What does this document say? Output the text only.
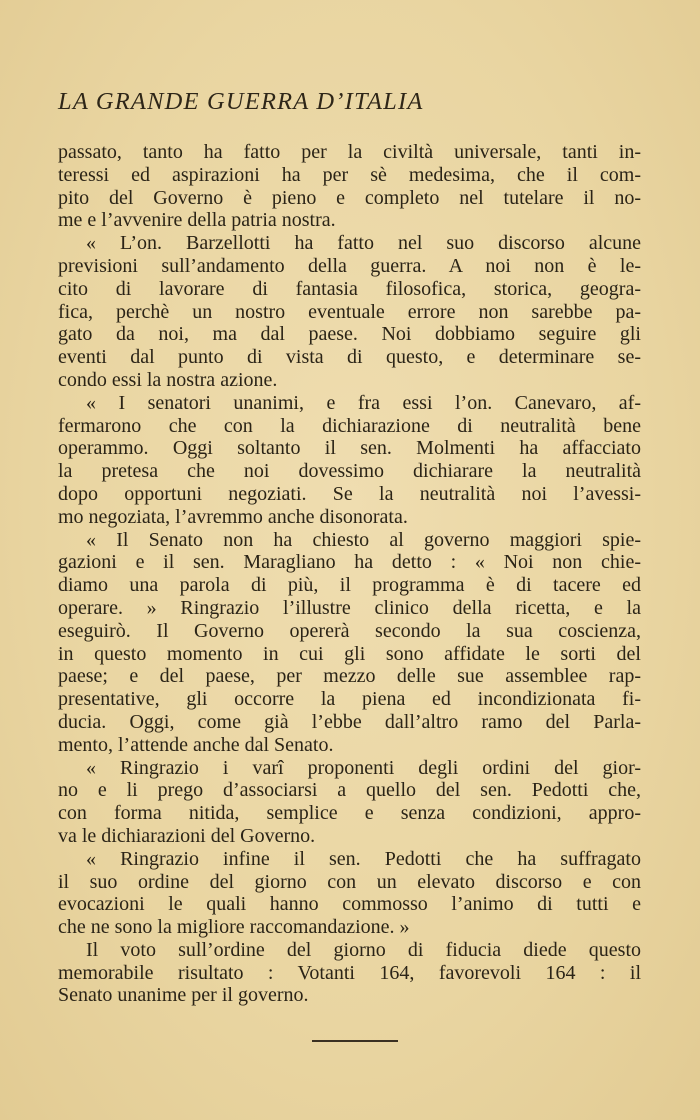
LA GRANDE GUERRA D’ITALIA
passato, tanto ha fatto per la civiltà universale, tanti in-
teressi ed aspirazioni ha per sè medesima, che il com-
pito del Governo è pieno e completo nel tutelare il no-
me e l’avvenire della patria nostra.
« L’on. Barzellotti ha fatto nel suo discorso alcune
previsioni sull’andamento della guerra. A noi non è le-
cito di lavorare di fantasia filosofica, storica, geogra-
fica, perchè un nostro eventuale errore non sarebbe pa-
gato da noi, ma dal paese. Noi dobbiamo seguire gli
eventi dal punto di vista di questo, e determinare se-
condo essi la nostra azione.
« I senatori unanimi, e fra essi l’on. Canevaro, af-
fermarono che con la dichiarazione di neutralità bene
operammo. Oggi soltanto il sen. Molmenti ha affacciato
la pretesa che noi dovessimo dichiarare la neutralità
dopo opportuni negoziati. Se la neutralità noi l’avessi-
mo negoziata, l’avremmo anche disonorata.
« Il Senato non ha chiesto al governo maggiori spie-
gazioni e il sen. Maragliano ha detto : « Noi non chie-
diamo una parola di più, il programma è di tacere ed
operare. » Ringrazio l’illustre clinico della ricetta, e la
eseguirò. Il Governo opererà secondo la sua coscienza,
in questo momento in cui gli sono affidate le sorti del
paese; e del paese, per mezzo delle sue assemblee rap-
presentative, gli occorre la piena ed incondizionata fi-
ducia. Oggi, come già l’ebbe dall’altro ramo del Parla-
mento, l’attende anche dal Senato.
« Ringrazio i varî proponenti degli ordini del gior-
no e li prego d’associarsi a quello del sen. Pedotti che,
con forma nitida, semplice e senza condizioni, appro-
va le dichiarazioni del Governo.
« Ringrazio infine il sen. Pedotti che ha suffragato
il suo ordine del giorno con un elevato discorso e con
evocazioni le quali hanno commosso l’animo di tutti e
che ne sono la migliore raccomandazione. »
Il voto sull’ordine del giorno di fiducia diede questo
memorabile risultato : Votanti 164, favorevoli 164 : il
Senato unanime per il governo.
